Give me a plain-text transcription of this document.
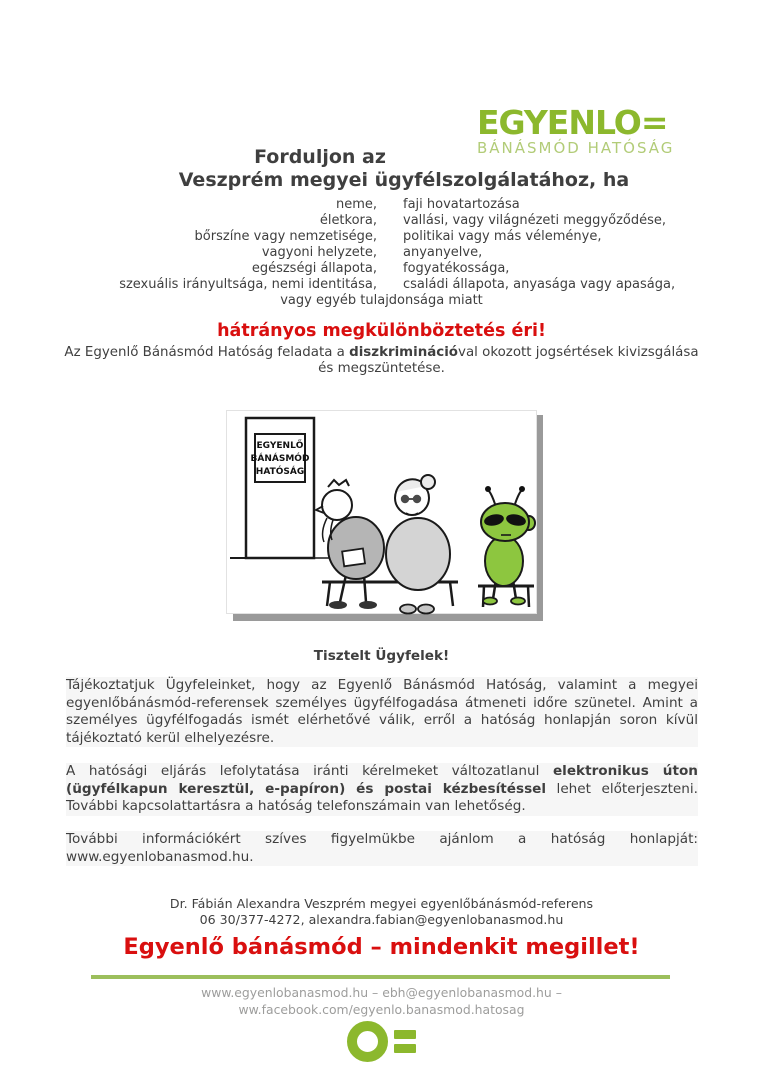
EGYENLO=
BÁNÁSMÓD HATÓSÁG
Forduljon az
Veszprém megyei ügyfélszolgálatához, ha
neme, faji hovatartozása
életkora, vallási, vagy világnézeti meggyőződése,
bőrszíne vagy nemzetisége, politikai vagy más véleménye,
vagyoni helyzete, anyanyelve,
egészségi állapota, fogyatékossága,
szexuális irányultsága, nemi identitása, családi állapota, anyasága vagy apasága,
vagy egyéb tulajdonsága miatt
hátrányos megkülönböztetés éri!
Az Egyenlő Bánásmód Hatóság feladata a diszkriminációval okozott jogsértések kivizsgálása
és megszüntetése.
EGYENLŐ
BÁNÁSMÓD
HATÓSÁG
Tisztelt Ügyfelek!

Tájékoztatjuk Ügyfeleinket, hogy az Egyenlő Bánásmód Hatóság, valamint a megyei egyenlőbánásmód-referensek személyes ügyfélfogadása átmeneti időre szünetel. Amint a személyes ügyfélfogadás ismét elérhetővé válik, erről a hatóság honlapján soron kívül tájékoztató kerül elhelyezésre.

A hatósági eljárás lefolytatása iránti kérelmeket változatlanul elektronikus úton (ügyfélkapun keresztül, e-papíron) és postai kézbesítéssel lehet előterjeszteni. További kapcsolattartásra a hatóság telefonszámain van lehetőség.

További információkért szíves figyelmükbe ajánlom a hatóság honlapját: www.egyenlobanasmod.hu.

Dr. Fábián Alexandra Veszprém megyei egyenlőbánásmód-referens
06 30/377-4272, alexandra.fabian@egyenlobanasmod.hu
Egyenlő bánásmód – mindenkit megillet!
www.egyenlobanasmod.hu – ebh@egyenlobanasmod.hu –
ww.facebook.com/egyenlo.banasmod.hatosag
